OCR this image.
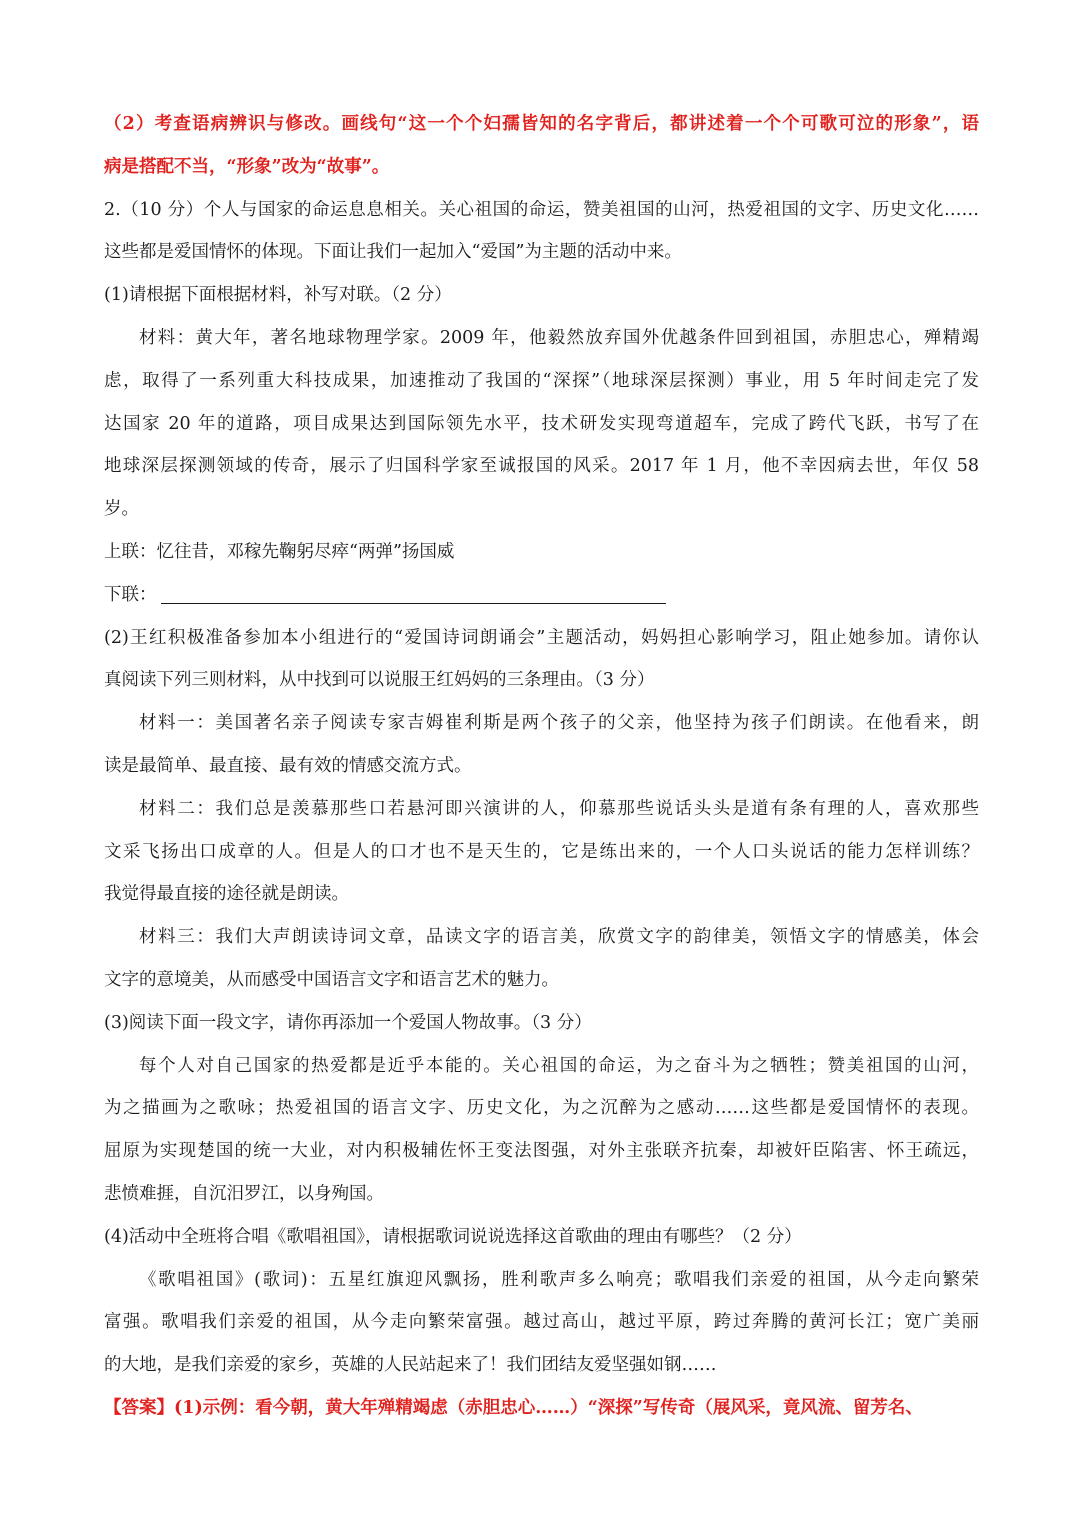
（2）考查语病辨识与修改。画线句“这一个个妇孺皆知的名字背后，都讲述着一个个可歌可泣的形象”，语
病是搭配不当，“形象”改为“故事”。
2.（10 分）个人与国家的命运息息相关。关心祖国的命运，赞美祖国的山河，热爱祖国的文字、历史文化……
这些都是爱国情怀的体现。下面让我们一起加入“爱国”为主题的活动中来。
(1)请根据下面根据材料，补写对联。（2 分）
材料：黄大年，著名地球物理学家。2009 年，他毅然放弃国外优越条件回到祖国，赤胆忠心，殚精竭
虑，取得了一系列重大科技成果，加速推动了我国的“深探”（地球深层探测）事业，用 5 年时间走完了发
达国家 20 年的道路，项目成果达到国际领先水平，技术研发实现弯道超车，完成了跨代飞跃，书写了在
地球深层探测领域的传奇，展示了归国科学家至诚报国的风采。2017 年 1 月，他不幸因病去世，年仅 58
岁。
上联：忆往昔，邓稼先鞠躬尽瘁“两弹”扬国威
下联：
(2)王红积极准备参加本小组进行的“爱国诗词朗诵会”主题活动，妈妈担心影响学习，阻止她参加。请你认
真阅读下列三则材料，从中找到可以说服王红妈妈的三条理由。（3 分）
材料一：美国著名亲子阅读专家吉姆崔利斯是两个孩子的父亲，他坚持为孩子们朗读。在他看来，朗
读是最简单、最直接、最有效的情感交流方式。
材料二：我们总是羡慕那些口若悬河即兴演讲的人，仰慕那些说话头头是道有条有理的人，喜欢那些
文采飞扬出口成章的人。但是人的口才也不是天生的，它是练出来的，一个人口头说话的能力怎样训练？
我觉得最直接的途径就是朗读。
材料三：我们大声朗读诗词文章，品读文字的语言美，欣赏文字的韵律美，领悟文字的情感美，体会
文字的意境美，从而感受中国语言文字和语言艺术的魅力。
(3)阅读下面一段文字，请你再添加一个爱国人物故事。（3 分）
每个人对自己国家的热爱都是近乎本能的。关心祖国的命运，为之奋斗为之牺牲；赞美祖国的山河，
为之描画为之歌咏；热爱祖国的语言文字、历史文化，为之沉醉为之感动……这些都是爱国情怀的表现。
屈原为实现楚国的统一大业，对内积极辅佐怀王变法图强，对外主张联齐抗秦，却被奸臣陷害、怀王疏远，
悲愤难捱，自沉汨罗江，以身殉国。
(4)活动中全班将合唱《歌唱祖国》，请根据歌词说说选择这首歌曲的理由有哪些？（2 分）
《歌唱祖国》(歌词)：五星红旗迎风飘扬，胜利歌声多么响亮；歌唱我们亲爱的祖国，从今走向繁荣
富强。歌唱我们亲爱的祖国，从今走向繁荣富强。越过高山，越过平原，跨过奔腾的黄河长江；宽广美丽
的大地，是我们亲爱的家乡，英雄的人民站起来了！我们团结友爱坚强如钢……
【答案】(1)示例：看今朝，黄大年殚精竭虑（赤胆忠心……）“深探”写传奇（展风采，竟风流、留芳名、
